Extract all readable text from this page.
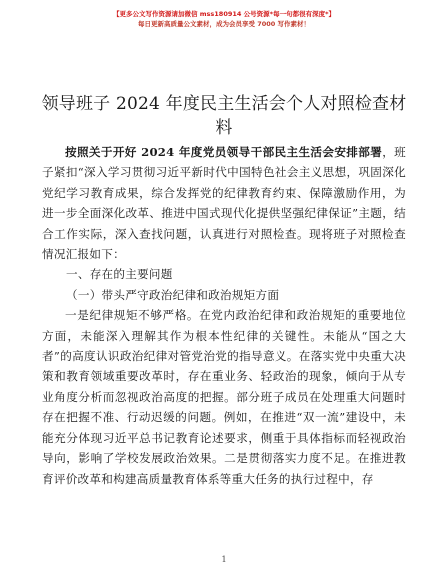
【更多公文写作资源请加微信 mss180914 公号资源*每一句都很有深度*】
每日更新高质量公文素材，成为会员享受 7000 写作素材！
领导班子 2024 年度民主生活会个人对照检查材料

按照关于开好 2024 年度党员领导干部民主生活会安排部署，班子紧扣“深入学习贯彻习近平新时代中国特色社会主义思想，巩固深化党纪学习教育成果，综合发挥党的纪律教育约束、保障激励作用，为进一步全面深化改革、推进中国式现代化提供坚强纪律保证”主题，结合工作实际，深入查找问题，认真进行对照检查。现将班子对照检查情况汇报如下：

一、存在的主要问题

（一）带头严守政治纪律和政治规矩方面

一是纪律规矩不够严格。在党内政治纪律和政治规矩的重要地位方面，未能深入理解其作为根本性纪律的关键性。未能从“国之大者”的高度认识政治纪律对管党治党的指导意义。在落实党中央重大决策和教育领域重要改革时，存在重业务、轻政治的现象，倾向于从专业角度分析而忽视政治高度的把握。部分班子成员在处理重大问题时存在把握不准、行动迟缓的问题。例如，在推进“双一流”建设中，未能充分体现习近平总书记教育论述要求，侧重于具体指标而轻视政治导向，影响了学校发展政治效果。二是贯彻落实力度不足。在推进教育评价改革和构建高质量教育体系等重大任务的执行过程中，存

1
